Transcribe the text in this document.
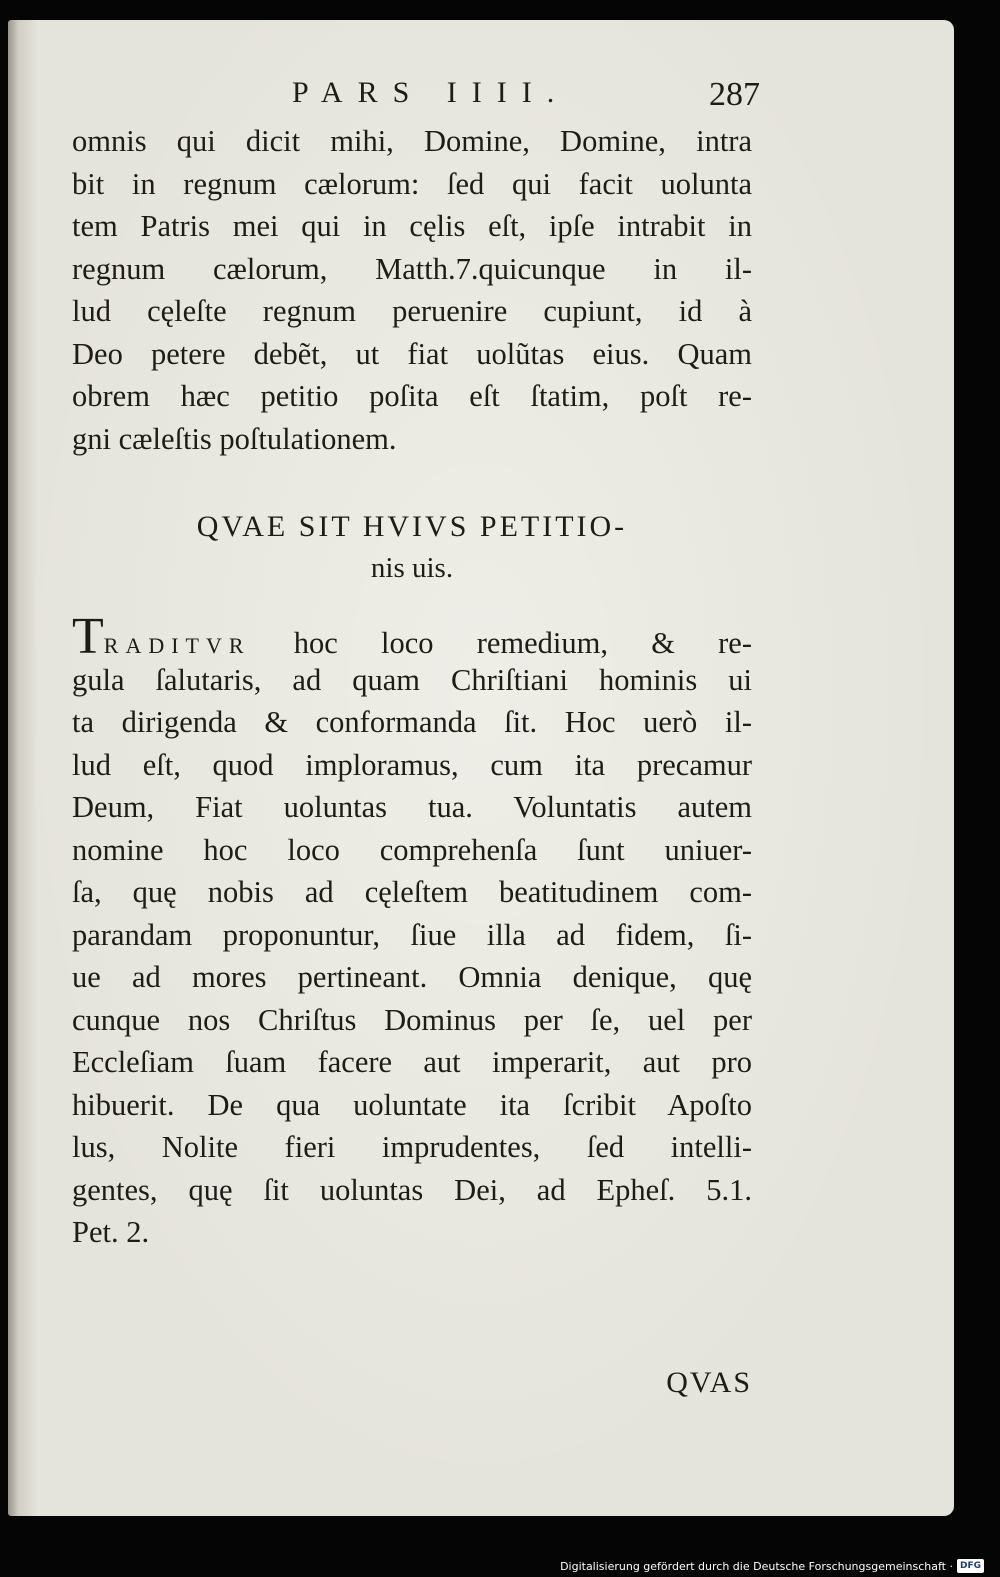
PARS IIII.	287
omnis qui dicit mihi, Domine, Domine, intra
bit in regnum cælorum: ſed qui facit uolunta
tem Patris mei qui in cęlis eſt, ipſe intrabit in
regnum cælorum, Matth.7.quicunque in il-
lud cęleſte regnum peruenire cupiunt, id à
Deo petere debẽt, ut fiat uolũtas eius. Quam
obrem hæc petitio poſita eſt ſtatim, poſt re-
gni cæleſtis poſtulationem.
QVAE SIT HVIVS PETITIO-
nis uis.
TRADITVR hoc loco remedium, & re-
gula ſalutaris, ad quam Chriſtiani hominis ui
ta dirigenda & conformanda ſit. Hoc uerò il-
lud eſt, quod imploramus, cum ita precamur
Deum, Fiat uoluntas tua. Voluntatis autem
nomine hoc loco comprehenſa ſunt uniuer-
ſa, quę nobis ad cęleſtem beatitudinem com-
parandam proponuntur, ſiue illa ad fidem, ſi-
ue ad mores pertineant. Omnia denique, quę
cunque nos Chriſtus Dominus per ſe, uel per
Eccleſiam ſuam facere aut imperarit, aut pro
hibuerit. De qua uoluntate ita ſcribit Apoſto
lus, Nolite fieri imprudentes, ſed intelli-
gentes, quę ſit uoluntas Dei, ad Epheſ. 5.1.
Pet. 2.
QVAS
Digitalisierung gefördert durch die Deutsche Forschungsgemeinschaft · DFG
